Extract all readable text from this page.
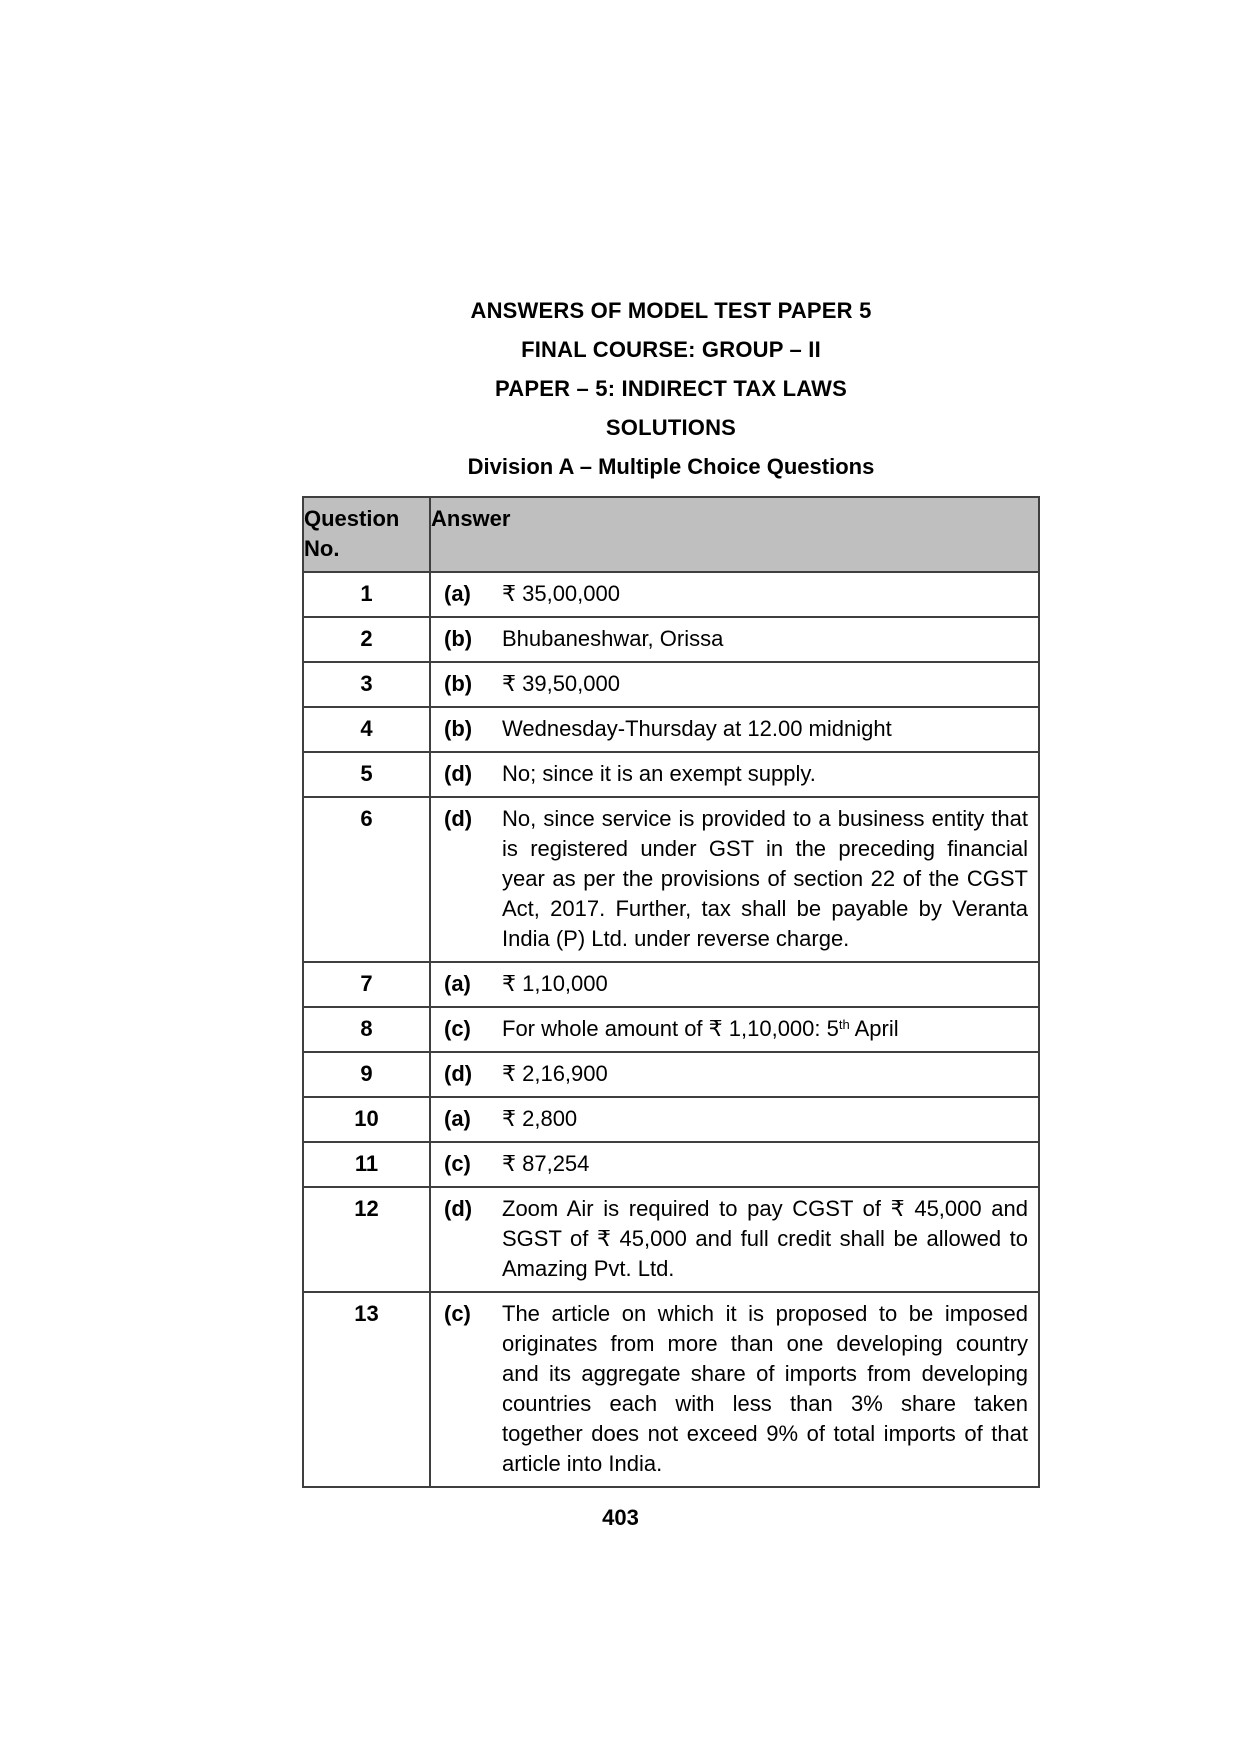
ANSWERS OF MODEL TEST PAPER 5
FINAL COURSE: GROUP – II
PAPER – 5: INDIRECT TAX LAWS
SOLUTIONS
Division A – Multiple Choice Questions
Question No.	Answer
1	(a) ₹ 35,00,000

2	(b) Bhubaneshwar, Orissa

3	(b) ₹ 39,50,000

4	(b) Wednesday-Thursday at 12.00 midnight

5	(d) No; since it is an exempt supply.

6	(d) No, since service is provided to a business entity that is registered under GST in the preceding financial year as per the provisions of section 22 of the CGST Act, 2017. Further, tax shall be payable by Veranta India (P) Ltd. under reverse charge.

7	(a) ₹ 1,10,000

8	(c) For whole amount of ₹ 1,10,000: 5th April

9	(d) ₹ 2,16,900

10	(a) ₹ 2,800

11	(c) ₹ 87,254

12	(d) Zoom Air is required to pay CGST of ₹ 45,000 and SGST of ₹ 45,000 and full credit shall be allowed to Amazing Pvt. Ltd.

13	(c) The article on which it is proposed to be imposed originates from more than one developing country and its aggregate share of imports from developing countries each with less than 3% share taken together does not exceed 9% of total imports of that article into India.
403
